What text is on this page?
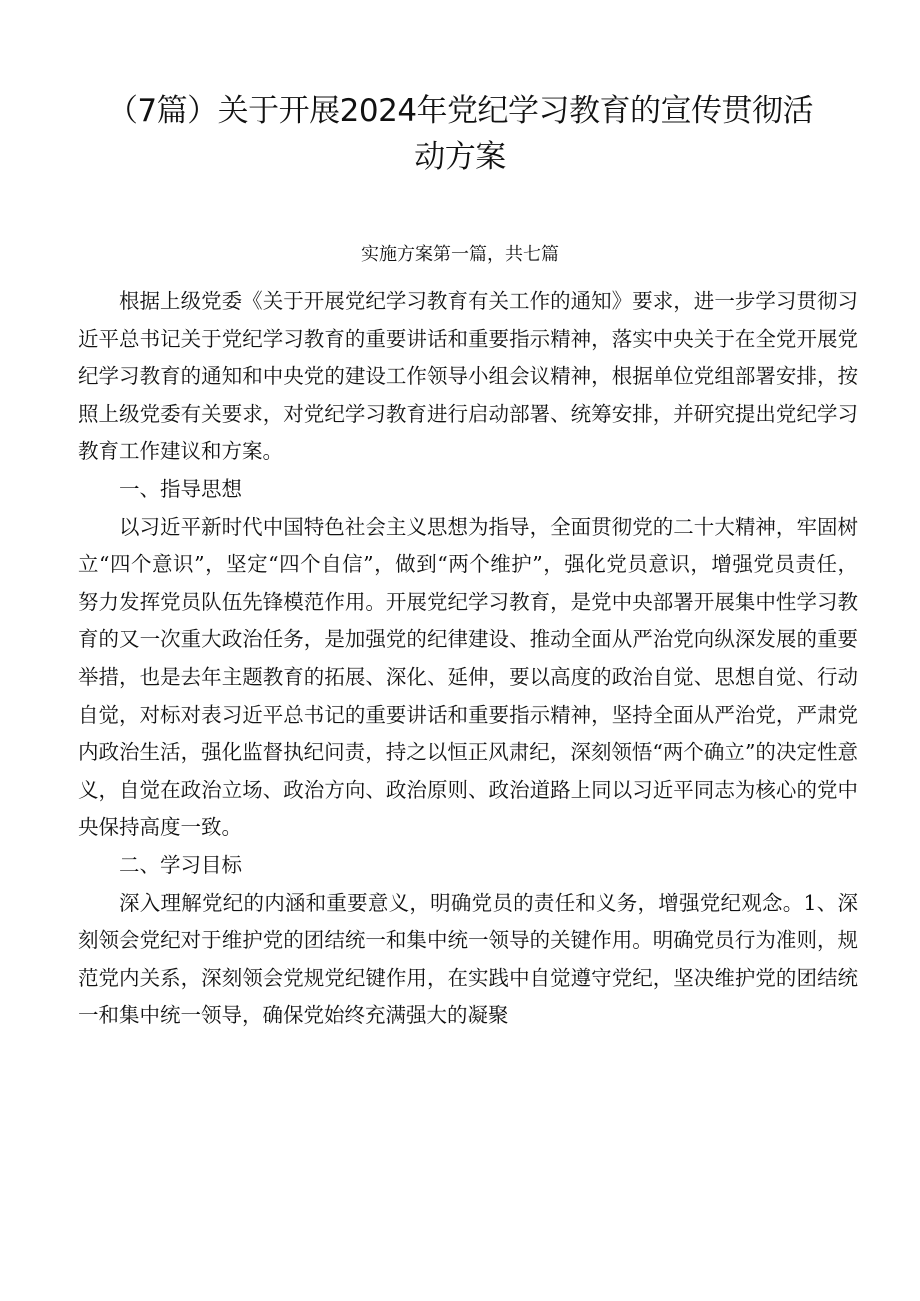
（7篇）关于开展2024年党纪学习教育的宣传贯彻活
动方案
实施方案第一篇，共七篇

根据上级党委《关于开展党纪学习教育有关工作的通知》要求，进一步学习贯彻习近平总书记关于党纪学习教育的重要讲话和重要指示精神，落实中央关于在全党开展党纪学习教育的通知和中央党的建设工作领导小组会议精神，根据单位党组部署安排，按照上级党委有关要求，对党纪学习教育进行启动部署、统筹安排，并研究提出党纪学习教育工作建议和方案。

一、指导思想

以习近平新时代中国特色社会主义思想为指导，全面贯彻党的二十大精神，牢固树立“四个意识”，坚定“四个自信”，做到“两个维护”，强化党员意识，增强党员责任，努力发挥党员队伍先锋模范作用。开展党纪学习教育，是党中央部署开展集中性学习教育的又一次重大政治任务，是加强党的纪律建设、推动全面从严治党向纵深发展的重要举措，也是去年主题教育的拓展、深化、延伸，要以高度的政治自觉、思想自觉、行动自觉，对标对表习近平总书记的重要讲话和重要指示精神，坚持全面从严治党，严肃党内政治生活，强化监督执纪问责，持之以恒正风肃纪，深刻领悟“两个确立”的决定性意义，自觉在政治立场、政治方向、政治原则、政治道路上同以习近平同志为核心的党中央保持高度一致。

二、学习目标

深入理解党纪的内涵和重要意义，明确党员的责任和义务，增强党纪观念。1、深刻领会党纪对于维护党的团结统一和集中统一领导的关键作用。明确党员行为准则，规范党内关系，深刻领会党规党纪键作用，在实践中自觉遵守党纪，坚决维护党的团结统一和集中统一领导，确保党始终充满强大的凝聚
